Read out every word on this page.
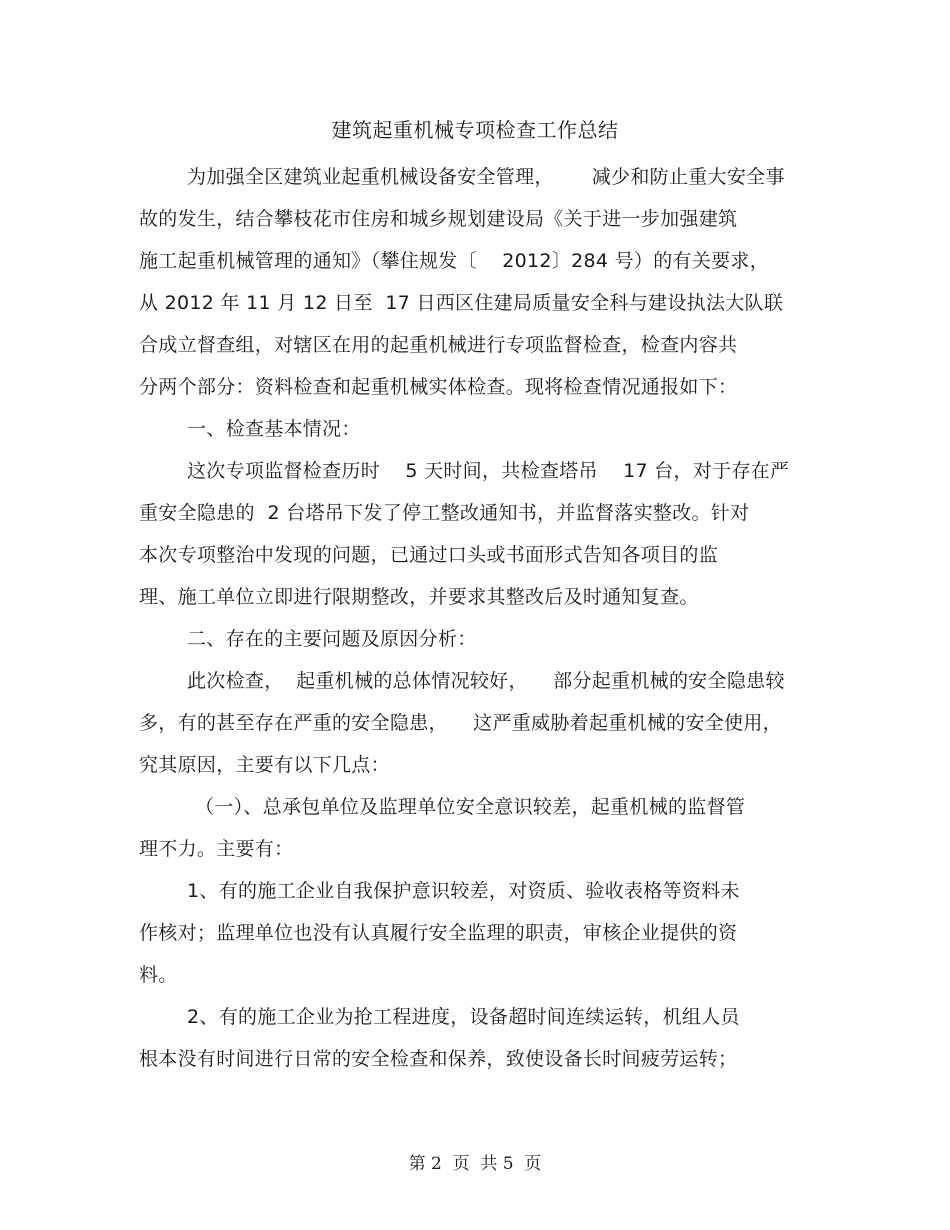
建筑起重机械专项检查工作总结
为加强全区建筑业起重机械设备安全管理，      减少和防止重大安全事
故的发生，结合攀枝花市住房和城乡规划建设局《关于进一步加强建筑
施工起重机械管理的通知》（攀住规发〔    2012〕284 号）的有关要求，
从 2012 年 11 月 12 日至  17 日西区住建局质量安全科与建设执法大队联
合成立督查组，对辖区在用的起重机械进行专项监督检查，检查内容共
分两个部分：资料检查和起重机械实体检查。现将检查情况通报如下：
一、检查基本情况：
这次专项监督检查历时    5 天时间，共检查塔吊    17 台，对于存在严
重安全隐患的  2 台塔吊下发了停工整改通知书，并监督落实整改。针对
本次专项整治中发现的问题，已通过口头或书面形式告知各项目的监
理、施工单位立即进行限期整改，并要求其整改后及时通知复查。
二、存在的主要问题及原因分析：
此次检查，  起重机械的总体情况较好，    部分起重机械的安全隐患较
多，有的甚至存在严重的安全隐患，    这严重威胁着起重机械的安全使用，
究其原因，主要有以下几点：
（一）、总承包单位及监理单位安全意识较差，起重机械的监督管
理不力。主要有：
1、有的施工企业自我保护意识较差，对资质、验收表格等资料未
作核对；监理单位也没有认真履行安全监理的职责，审核企业提供的资
料。
2、有的施工企业为抢工程进度，设备超时间连续运转，机组人员
根本没有时间进行日常的安全检查和保养，致使设备长时间疲劳运转；
第 2  页  共 5  页
